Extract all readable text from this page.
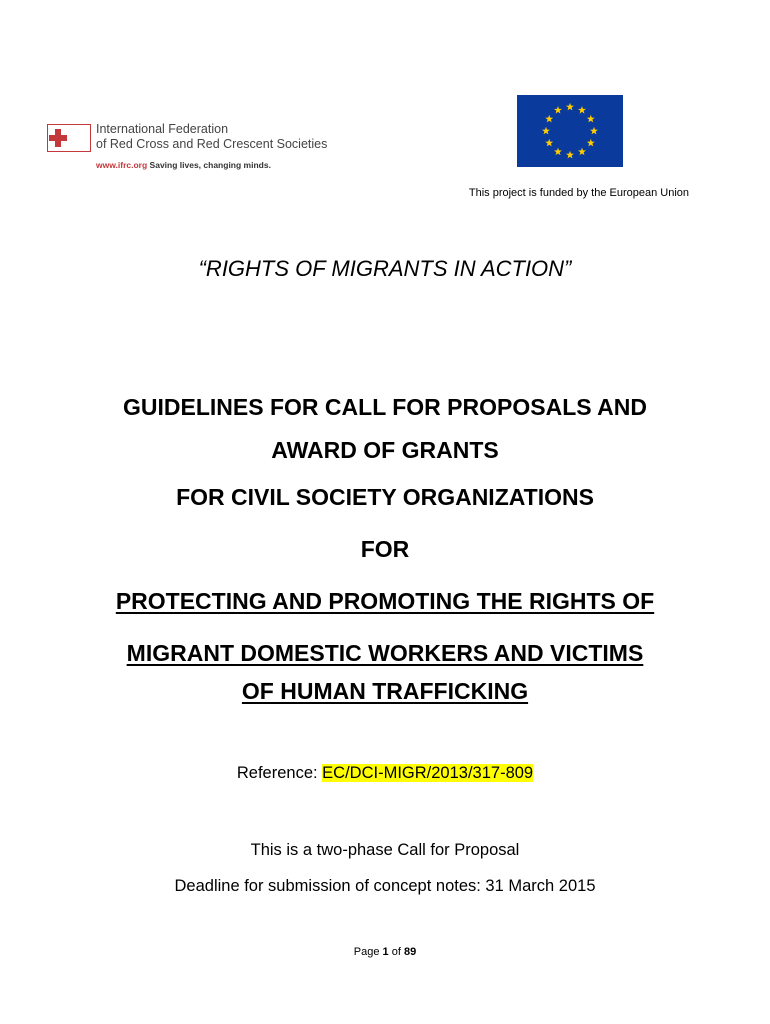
International Federation
of Red Cross and Red Crescent Societies
www.ifrc.org Saving lives, changing minds.
This project is funded by the European Union
“RIGHTS OF MIGRANTS IN ACTION”
GUIDELINES FOR CALL FOR PROPOSALS AND
AWARD OF GRANTS
FOR CIVIL SOCIETY ORGANIZATIONS
FOR
PROTECTING AND PROMOTING THE RIGHTS OF
MIGRANT DOMESTIC WORKERS AND VICTIMS
OF HUMAN TRAFFICKING
Reference: EC/DCI-MIGR/2013/317-809
This is a two-phase Call for Proposal
Deadline for submission of concept notes: 31 March 2015
Page 1 of 89
